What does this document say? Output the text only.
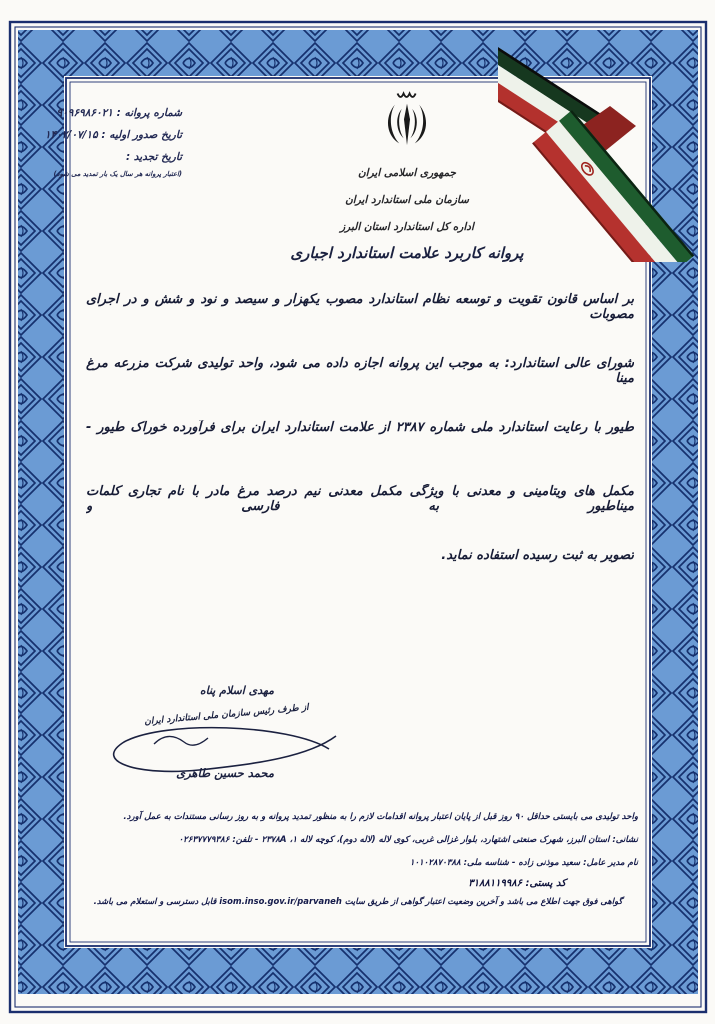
شماره پروانه : ۹۰۹۶۹۸۶۰۲۱
تاریخ صدور اولیه : ۱۴۰۲/۰۷/۱۵
تاریخ تجدید :
(اعتبار پروانه هر سال یک بار تمدید می شود)	جمهوری اسلامی ایران
سازمان ملی استاندارد ایران
اداره کل استاندارد استان البرز
پروانه کاربرد علامت استاندارد اجباری
بر اساس قانون تقویت و توسعه نظام استاندارد مصوب یکهزار و سیصد و نود و شش و در اجرای مصوبات
شورای عالی استاندارد: به موجب این پروانه اجازه داده می شود، واحد تولیدی شرکت مزرعه مرغ مینا
طیور با رعایت استاندارد ملی شماره ۲۳۸۷ از علامت استاندارد ایران برای فرآورده خوراک طیور -
مکمل های ویتامینی و معدنی با ویژگی مکمل معدنی نیم درصد مرغ مادر با نام تجاری کلمات میناطیور به فارسی و
تصویر به ثبت رسیده استفاده نماید.
مهدی اسلام پناه
از طرف رئیس سازمان ملی استاندارد ایران
محمد حسین طاهری
واحد تولیدی می بایستی حداقل ۹۰ روز قبل از پایان اعتبار پروانه اقدامات لازم را به منظور تمدید پروانه و به روز رسانی مستندات به عمل آورد.
نشانی: استان البرز، شهرک صنعتی اشتهارد، بلوار غزالی غربی، کوی لاله (لاله دوم)، کوچه لاله ۱، ۲۳۷۸A - تلفن: ۰۲۶۳۷۷۷۹۳۸۶
نام مدیر عامل: سعید موذنی زاده - شناسه ملی: ۱۰۱۰۲۸۷۰۳۸۸
کد پستی: ۳۱۸۸۱۱۹۹۸۶
گواهی فوق جهت اطلاع می باشد و آخرین وضعیت اعتبار گواهی از طریق سایت isom.inso.gov.ir/parvaneh قابل دسترسی و استعلام می باشد.
